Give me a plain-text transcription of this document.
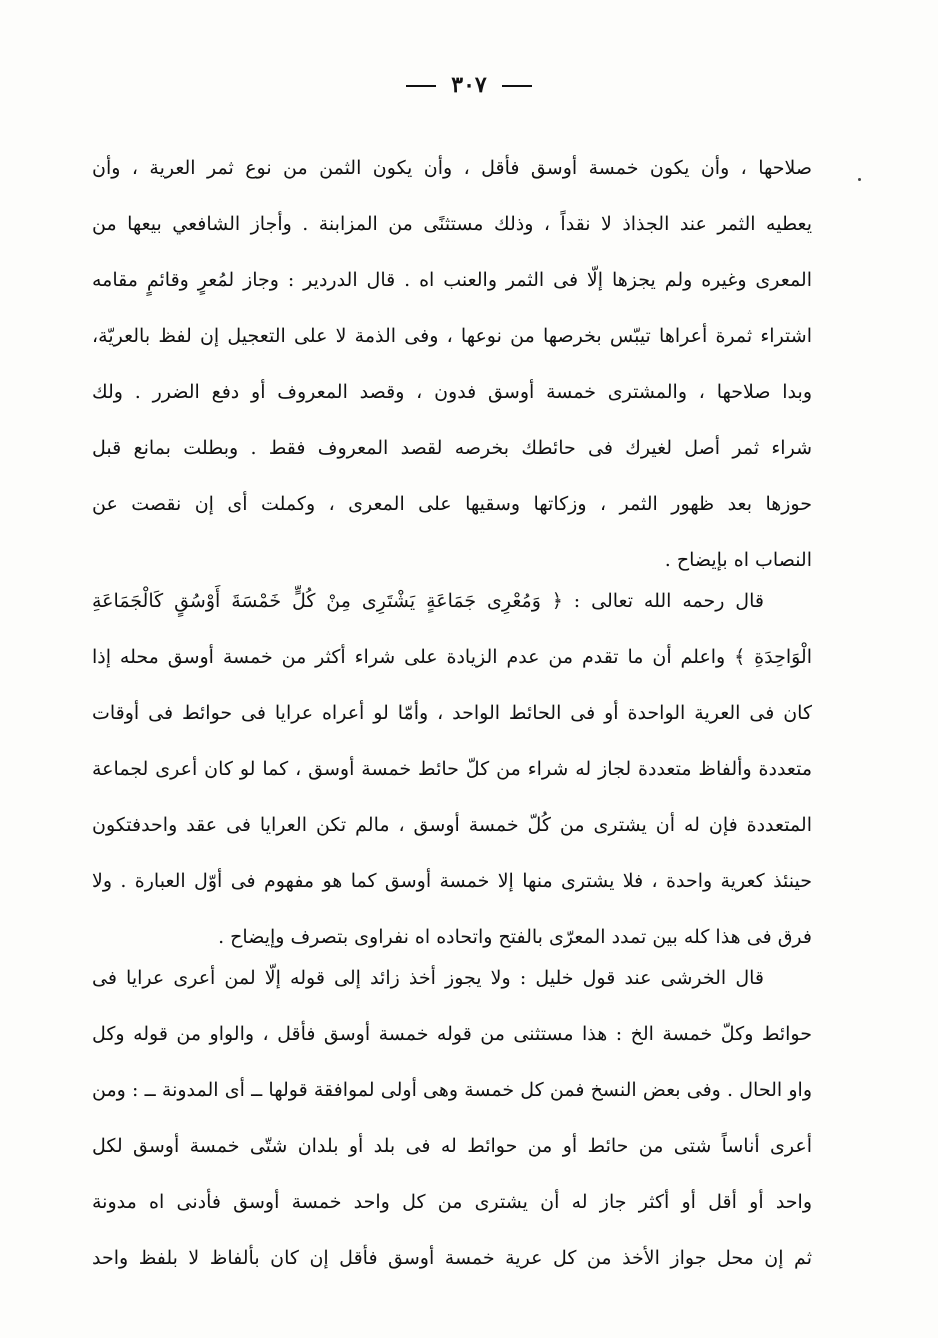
٣٠٧
صلاحها ، وأن يكون خمسة أوسق فأقل ، وأن يكون الثمن من نوع ثمر العرية ، وأن
يعطيه الثمر عند الجذاذ لا نقداً ، وذلك مستثنًى من المزابنة . وأجاز الشافعي بيعها من
المعرى وغيره ولم يجزها إلّا فى الثمر والعنب اه . قال الدردير : وجاز لمُعرٍ وقائمٍ مقامه
اشتراء ثمرة أعراها تيبّس بخرصها من نوعها ، وفى الذمة لا على التعجيل إن لفظ بالعريّة،
وبدا صلاحها ، والمشترى خمسة أوسق فدون ، وقصد المعروف أو دفع الضرر . ولك
شراء ثمر أصل لغيرك فى حائطك بخرصه لقصد المعروف فقط . وبطلت بمانع قبل
حوزها بعد ظهور الثمر ، وزكاتها وسقيها على المعرى ، وكملت أى إن نقصت عن
النصاب اه بإيضاح .
قال رحمه الله تعالى : ﴿ وَمُعْرِى جَمَاعَةٍ يَشْتَرِى مِنْ كُلٍّ خَمْسَةَ أَوْسُقٍ كَالْجَمَاعَةِ
الْوَاحِدَةِ ﴾ واعلم أن ما تقدم من عدم الزيادة على شراء أكثر من خمسة أوسق محله إذا
كان فى العرية الواحدة أو فى الحائط الواحد ، وأمّا لو أعراه عرايا فى حوائط فى أوقات
متعددة وألفاظ متعددة لجاز له شراء من كلّ حائط خمسة أوسق ، كما لو كان أعرى لجماعة
المتعددة فإن له أن يشترى من كُلّ خمسة أوسق ، مالم تكن العرايا فى عقد واحدفتكون
حينئذ كعرية واحدة ، فلا يشترى منها إلا خمسة أوسق كما هو مفهوم فى أوّل العبارة . ولا
فرق فى هذا كله بين تمدد المعرّى بالفتح واتحاده اه نفراوى بتصرف وإيضاح .
قال الخرشى عند قول خليل : ولا يجوز أخذ زائد إلى قوله إلّا لمن أعرى عرايا فى
حوائط وكلّ خمسة الخ : هذا مستثنى من قوله خمسة أوسق فأقل ، والواو من قوله وكل
واو الحال . وفى بعض النسخ فمن كل خمسة وهى أولى لموافقة قولها ــ أى المدونة ــ : ومن
أعرى أناساً شتى من حائط أو من حوائط له فى بلد أو بلدان شتّى خمسة أوسق لكل
واحد أو أقل أو أكثر جاز له أن يشترى من كل واحد خمسة أوسق فأدنى اه مدونة
ثم إن محل جواز الأخذ من كل عرية خمسة أوسق فأقل إن كان بألفاظ لا بلفظ واحد
